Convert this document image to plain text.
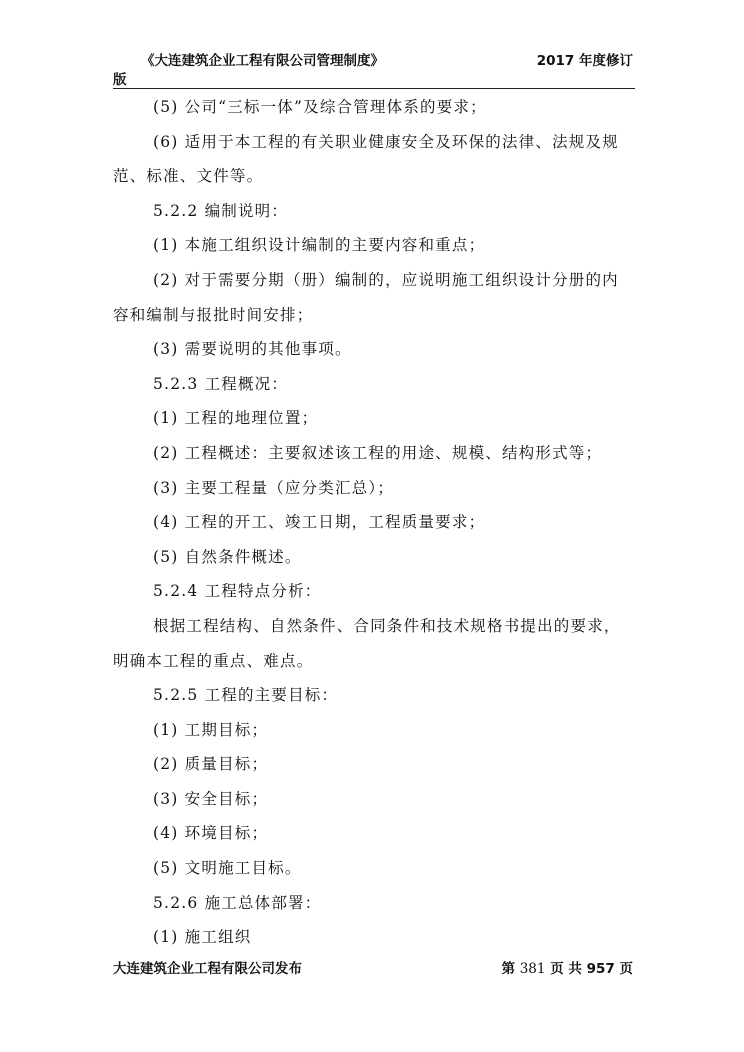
《大连建筑企业工程有限公司管理制度》	2017 年度修订
版

(5) 公司“三标一体”及综合管理体系的要求；

(6) 适用于本工程的有关职业健康安全及环保的法律、法规及规范、标准、文件等。

5.2.2 编制说明：

(1) 本施工组织设计编制的主要内容和重点；

(2) 对于需要分期（册）编制的，应说明施工组织设计分册的内容和编制与报批时间安排；

(3) 需要说明的其他事项。

5.2.3 工程概况：

(1) 工程的地理位置；

(2) 工程概述：主要叙述该工程的用途、规模、结构形式等；

(3) 主要工程量（应分类汇总）；

(4) 工程的开工、竣工日期，工程质量要求；

(5) 自然条件概述。

5.2.4 工程特点分析：

根据工程结构、自然条件、合同条件和技术规格书提出的要求，明确本工程的重点、难点。

5.2.5 工程的主要目标：

(1) 工期目标；

(2) 质量目标；

(3) 安全目标；

(4) 环境目标；

(5) 文明施工目标。

5.2.6 施工总体部署：

(1) 施工组织

大连建筑企业工程有限公司发布	第 381 页 共 957 页
